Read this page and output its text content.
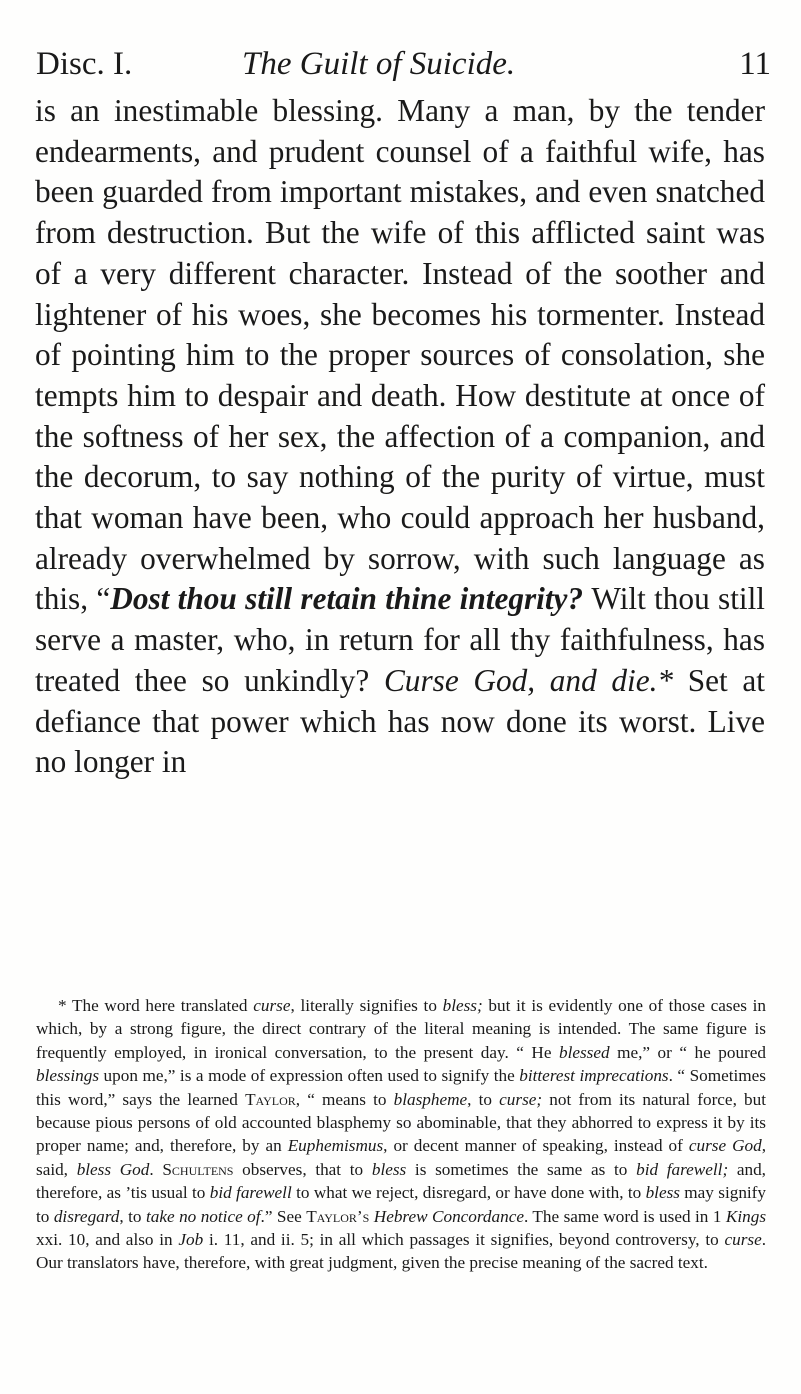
Disc. I.	The Guilt of Suicide.	11

is an inestimable blessing. Many a man, by the tender endearments, and prudent counsel of a faithful wife, has been guarded from important mistakes, and even snatched from destruction. But the wife of this afflicted saint was of a very different character. Instead of the soother and lightener of his woes, she becomes his tormenter. Instead of pointing him to the proper sources of consolation, she tempts him to despair and death. How destitute at once of the softness of her sex, the affection of a companion, and the decorum, to say nothing of the purity of virtue, must that woman have been, who could approach her husband, already overwhelmed by sorrow, with such language as this, “Dost thou still retain thine integrity? Wilt thou still serve a master, who, in return for all thy faithfulness, has treated thee so unkindly? Curse God, and die.* Set at defiance that power which has now done its worst. Live no longer in

* The word here translated curse, literally signifies to bless; but it is evidently one of those cases in which, by a strong figure, the direct contrary of the literal meaning is intended. The same figure is frequently employed, in ironical conversation, to the present day. “ He blessed me,” or “ he poured blessings upon me,” is a mode of expression often used to signify the bitterest imprecations. “ Sometimes this word,” says the learned Taylor, “ means to blaspheme, to curse; not from its natural force, but because pious persons of old accounted blasphemy so abominable, that they abhorred to express it by its proper name; and, therefore, by an Euphemismus, or decent manner of speaking, instead of curse God, said, bless God. Schultens observes, that to bless is sometimes the same as to bid farewell; and, therefore, as ’tis usual to bid farewell to what we reject, disregard, or have done with, to bless may signify to disregard, to take no notice of.” See Taylor’s Hebrew Concordance. The same word is used in 1 Kings xxi. 10, and also in Job i. 11, and ii. 5; in all which passages it signifies, beyond controversy, to curse. Our translators have, therefore, with great judgment, given the precise meaning of the sacred text.
